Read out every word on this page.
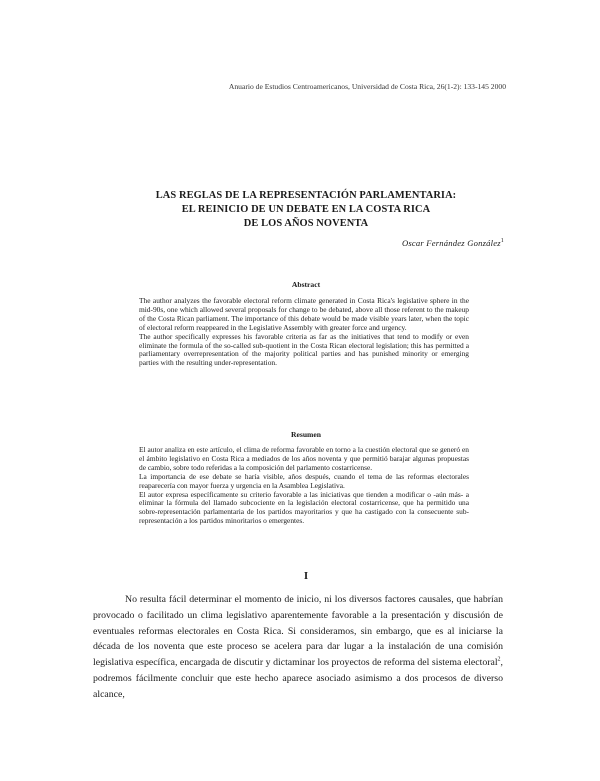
Anuario de Estudios Centroamericanos, Universidad de Costa Rica, 26(1-2): 133-145 2000
LAS REGLAS DE LA REPRESENTACIÓN PARLAMENTARIA:
EL REINICIO DE UN DEBATE EN LA COSTA RICA
DE LOS AÑOS NOVENTA
Oscar Fernández González$^1$
Abstract

The author analyzes the favorable electoral reform climate generated in Costa Rica's legislative sphere in the mid-90s, one which allowed several proposals for change to be debated, above all those referent to the makeup of the Costa Rican parliament. The importance of this debate would be made visible years later, when the topic of electoral reform reappeared in the Legislative Assembly with greater force and urgency.

The author specifically expresses his favorable criteria as far as the initiatives that tend to modify or even eliminate the formula of the so-called sub-quotient in the Costa Rican electoral legislation; this has permitted a parliamentary overrepresentation of the majority political parties and has punished minority or emerging parties with the resulting under-representation.

Resumen

El autor analiza en este artículo, el clima de reforma favorable en torno a la cuestión electoral que se generó en el ámbito legislativo en Costa Rica a mediados de los años noventa y que permitió barajar algunas propuestas de cambio, sobre todo referidas a la composición del parlamento costarricense.

La importancia de ese debate se haría visible, años después, cuando el tema de las reformas electorales reaparecería con mayor fuerza y urgencia en la Asamblea Legislativa.

El autor expresa específicamente su criterio favorable a las iniciativas que tienden a modificar o -aún más- a eliminar la fórmula del llamado subcociente en la legislación electoral costarricense, que ha permitido una sobre-representación parlamentaria de los partidos mayoritarios y que ha castigado con la consecuente sub-representación a los partidos minoritarios o emergentes.

I

No resulta fácil determinar el momento de inicio, ni los diversos factores causales, que habrían provocado o facilitado un clima legislativo aparentemente favorable a la presentación y discusión de eventuales reformas electorales en Costa Rica. Si consideramos, sin embargo, que es al iniciarse la década de los noventa que este proceso se acelera para dar lugar a la instalación de una comisión legislativa específica, encargada de discutir y dictaminar los proyectos de reforma del sistema electoral$^2$, podremos fácilmente concluir que este hecho aparece asociado asimismo a dos procesos de diverso alcance,
